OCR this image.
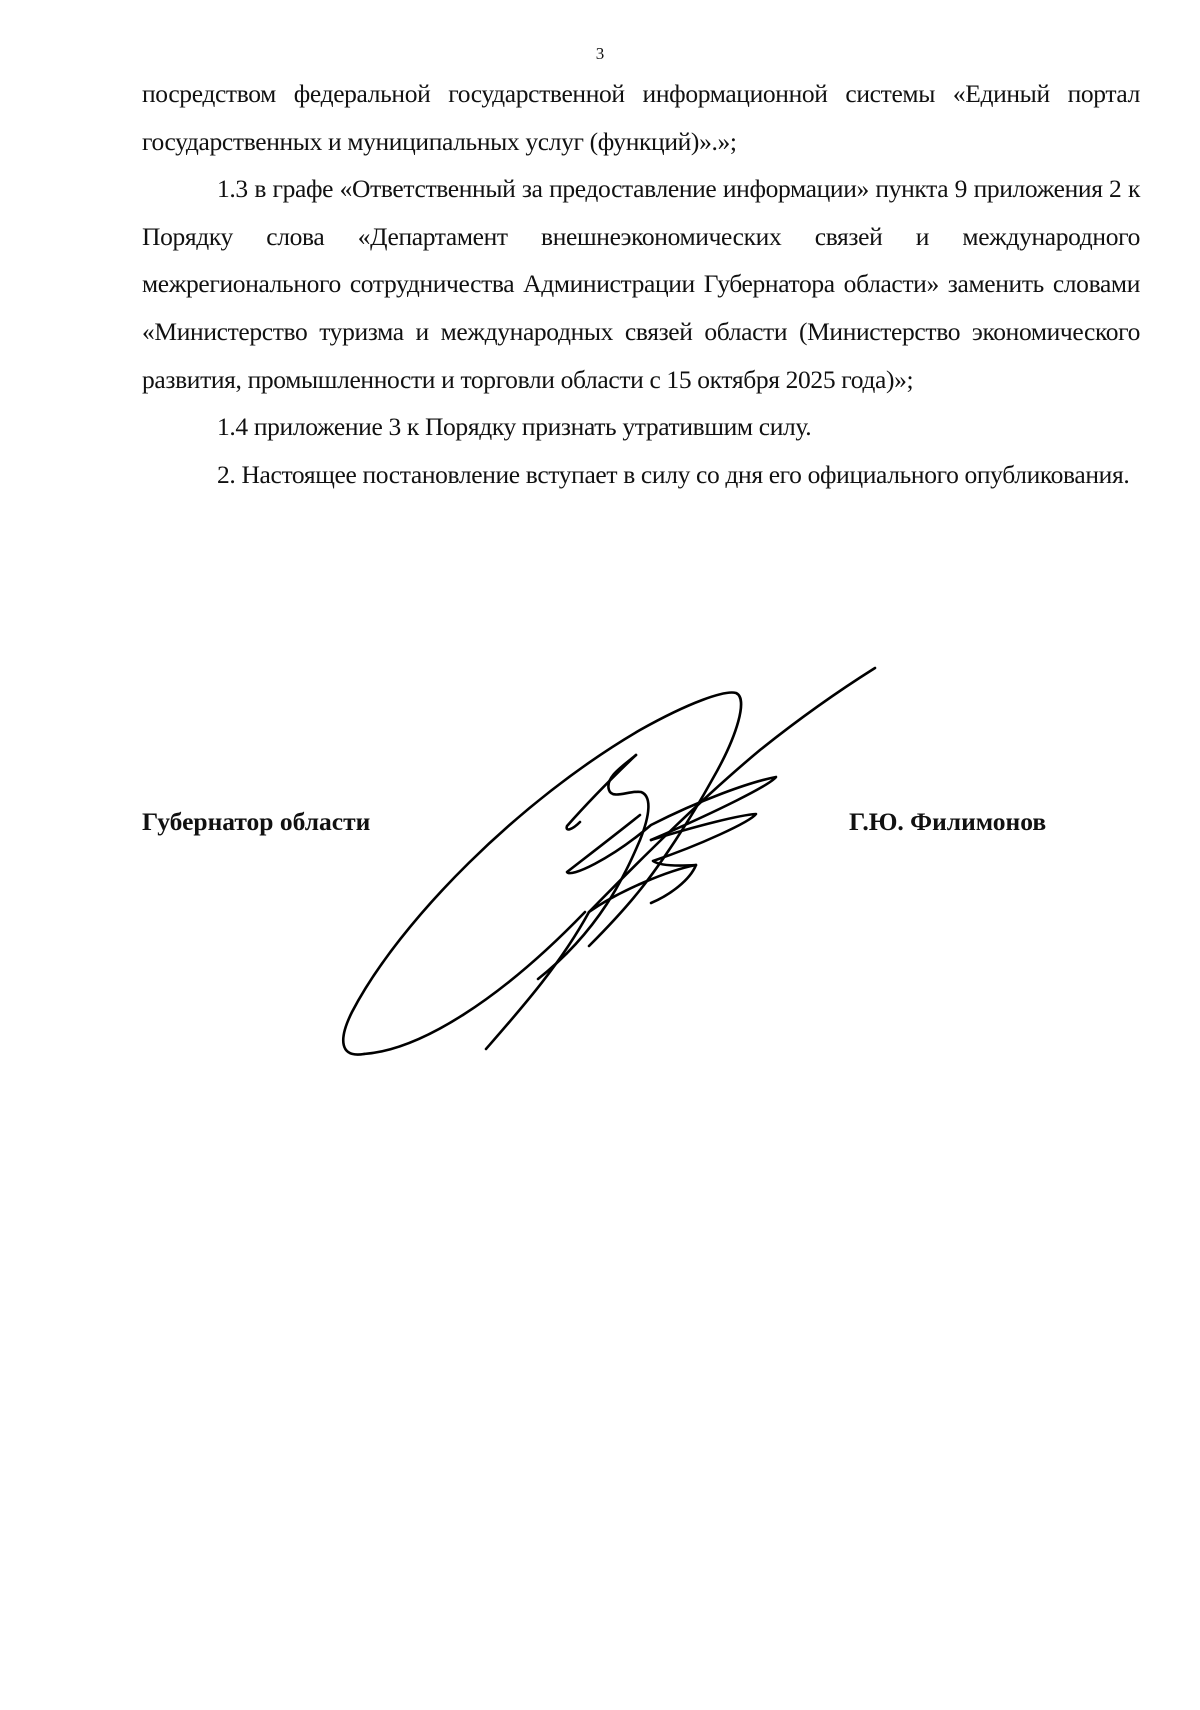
3

посредством федеральной государственной информационной системы «Единый портал государственных и муниципальных услуг (функций)».»;

1.3 в графе «Ответственный за предоставление информации» пункта 9 приложения 2 к Порядку слова «Департамент внешнеэкономических связей и международного межрегионального сотрудничества Администрации Губернатора области» заменить словами «Министерство туризма и международных связей области (Министерство экономического развития, промышленности и торговли области с 15 октября 2025 года)»;

1.4 приложение 3 к Порядку признать утратившим силу.

2. Настоящее постановление вступает в силу со дня его официального опубликования.

Губернатор области	Г.Ю. Филимонов
